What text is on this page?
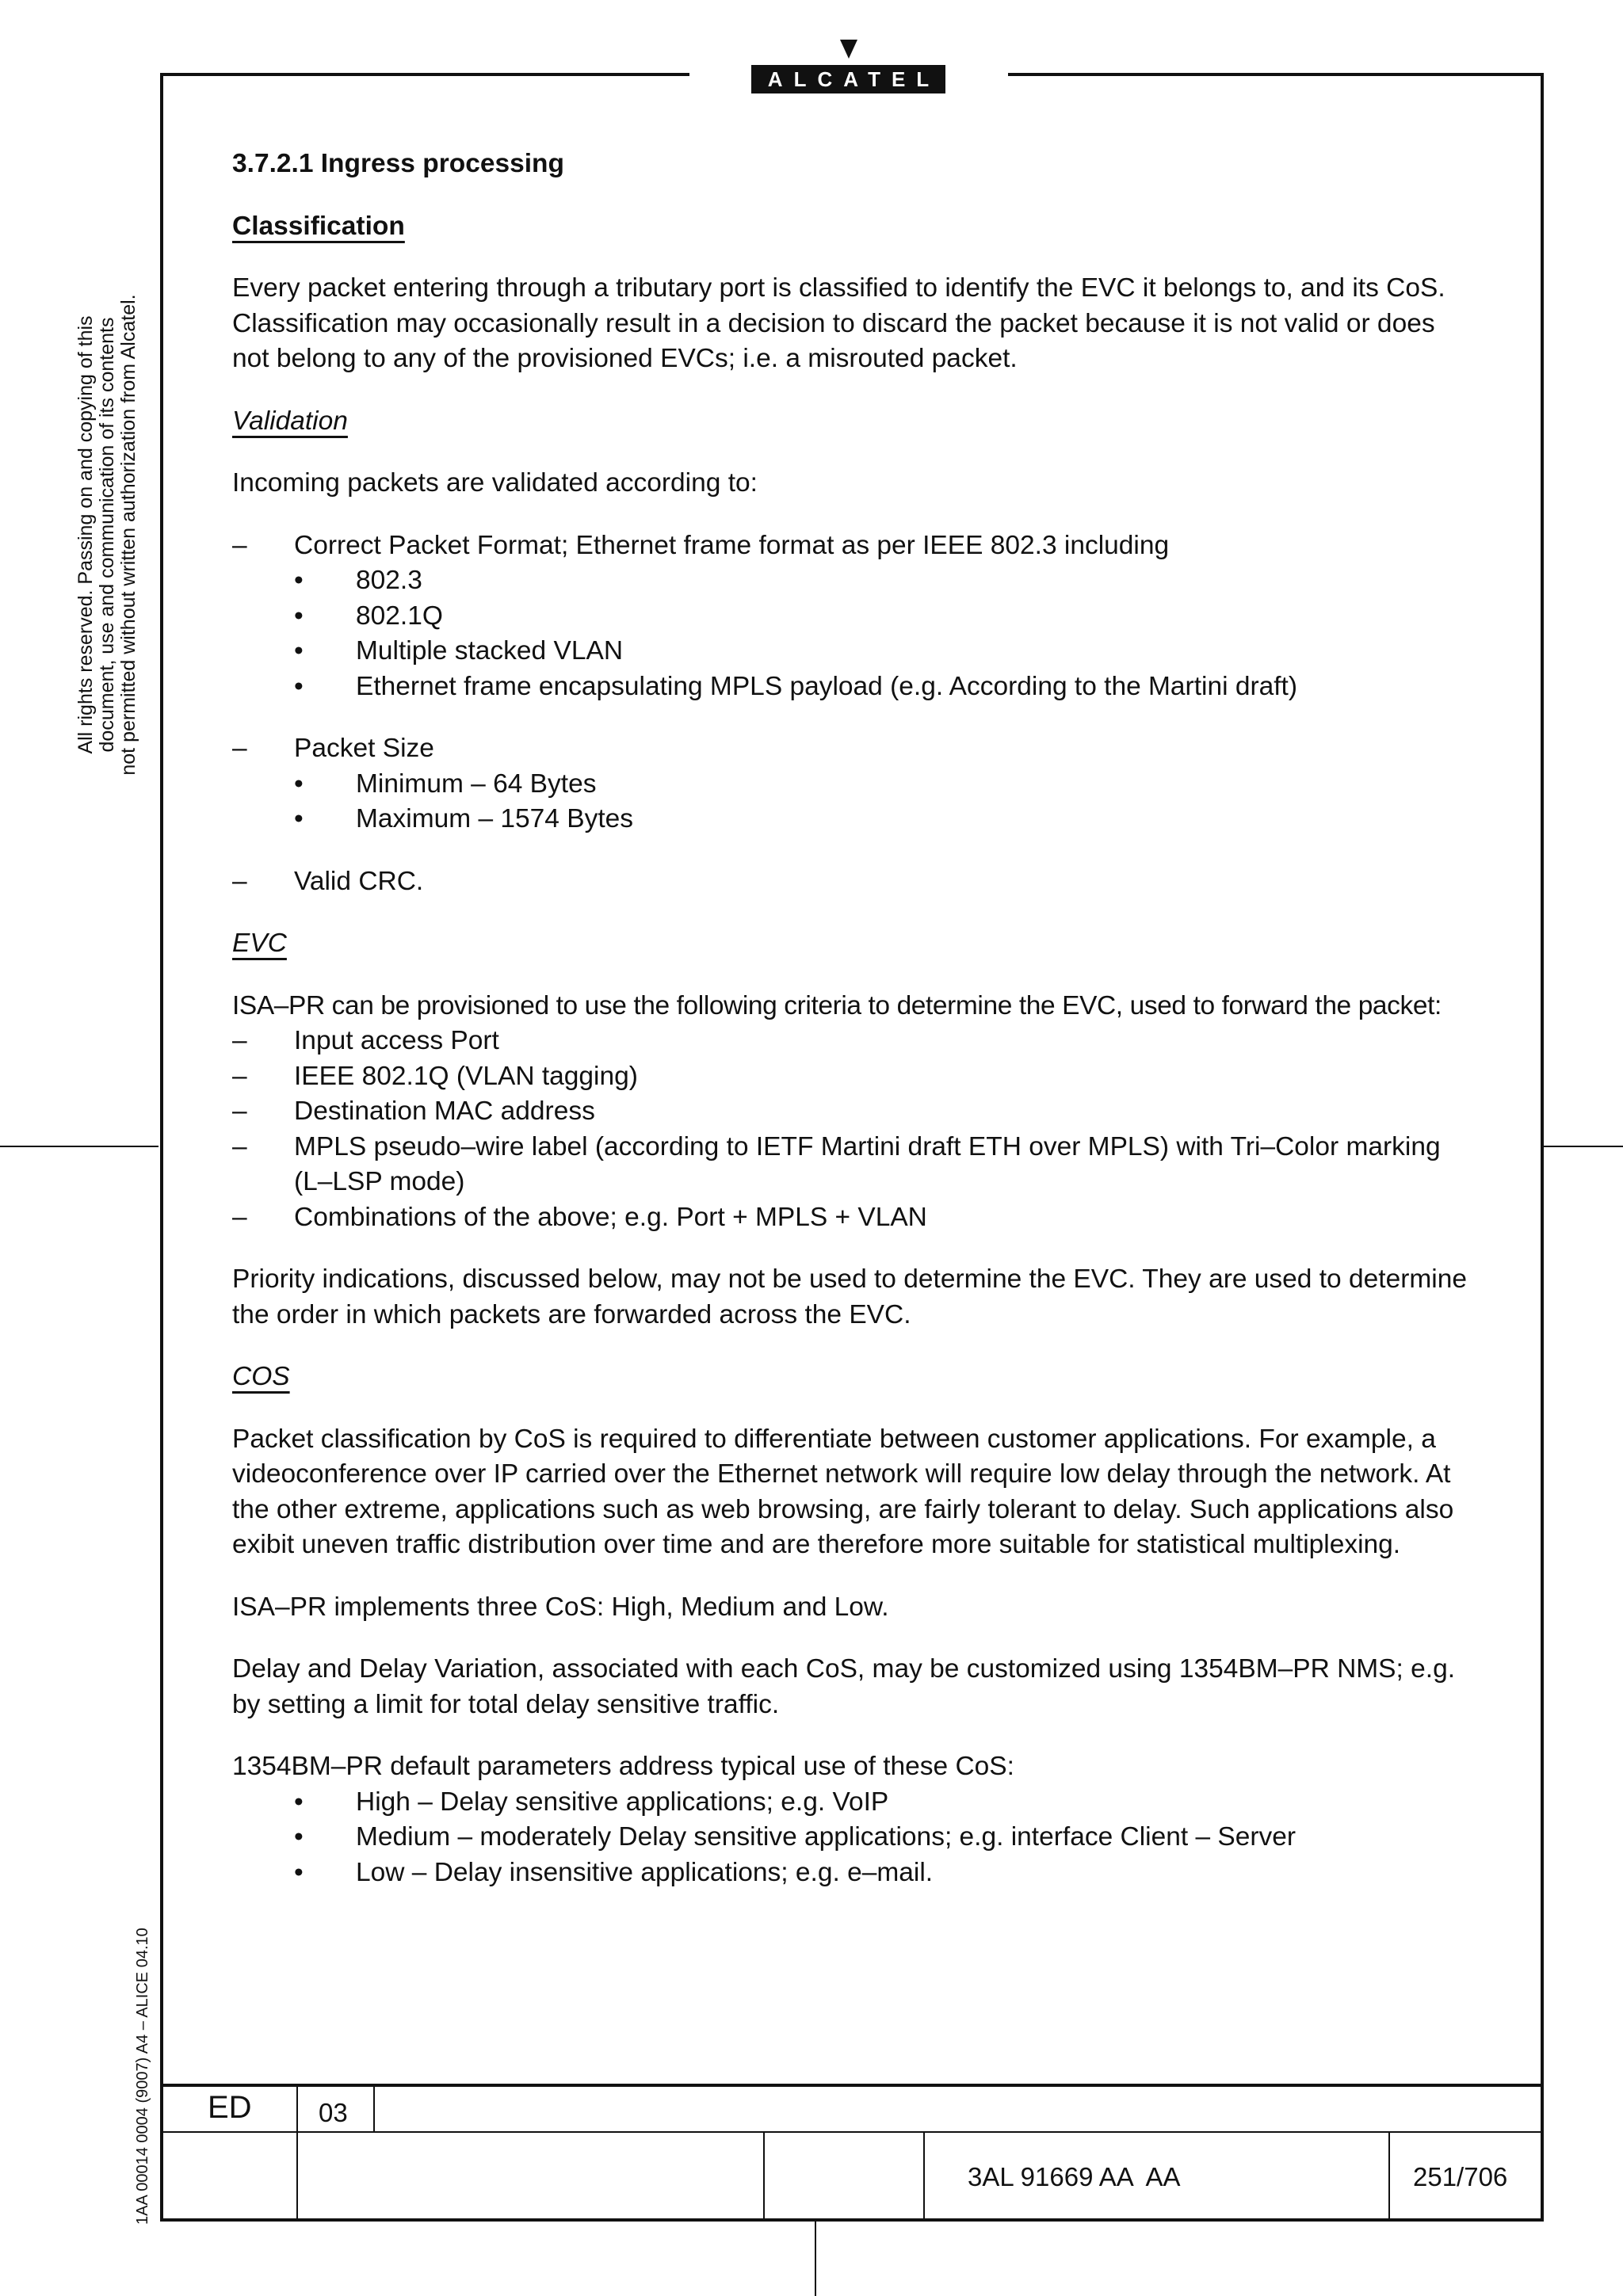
ALCATEL
All rights reserved. Passing on and copying of this document, use and communication of its contents not permitted without written authorization from Alcatel.
1AA 00014 0004 (9007) A4 – ALICE 04.10

3.7.2.1 Ingress processing

Classification

Every packet entering through a tributary port is classified to identify the EVC it belongs to, and its CoS. Classification may occasionally result in a decision to discard the packet because it is not valid or does not belong to any of the provisioned EVCs; i.e. a misrouted packet.

Validation

Incoming packets are validated according to:

– Correct Packet Format; Ethernet frame format as per IEEE 802.3 including

• 802.3

• 802.1Q

• Multiple stacked VLAN

• Ethernet frame encapsulating MPLS payload (e.g. According to the Martini draft)

– Packet Size

• Minimum – 64 Bytes

• Maximum – 1574 Bytes

– Valid CRC.

EVC

ISA–PR can be provisioned to use the following criteria to determine the EVC, used to forward the packet:

– Input access Port

– IEEE 802.1Q (VLAN tagging)

– Destination MAC address

– MPLS pseudo–wire label (according to IETF Martini draft ETH over MPLS) with Tri–Color marking (L–LSP mode)

– Combinations of the above; e.g. Port + MPLS + VLAN

Priority indications, discussed below, may not be used to determine the EVC. They are used to determine the order in which packets are forwarded across the EVC.

COS

Packet classification by CoS is required to differentiate between customer applications. For example, a videoconference over IP carried over the Ethernet network will require low delay through the network. At the other extreme, applications such as web browsing, are fairly tolerant to delay. Such applications also exibit uneven traffic distribution over time and are therefore more suitable for statistical multiplexing.

ISA–PR implements three CoS: High, Medium and Low.

Delay and Delay Variation, associated with each CoS, may be customized using 1354BM–PR NMS; e.g. by setting a limit for total delay sensitive traffic.

1354BM–PR default parameters address typical use of these CoS:

• High – Delay sensitive applications; e.g. VoIP

• Medium – moderately Delay sensitive applications; e.g. interface Client – Server

• Low – Delay insensitive applications; e.g. e–mail.

ED	03
3AL 91669 AA  AA	251/706
